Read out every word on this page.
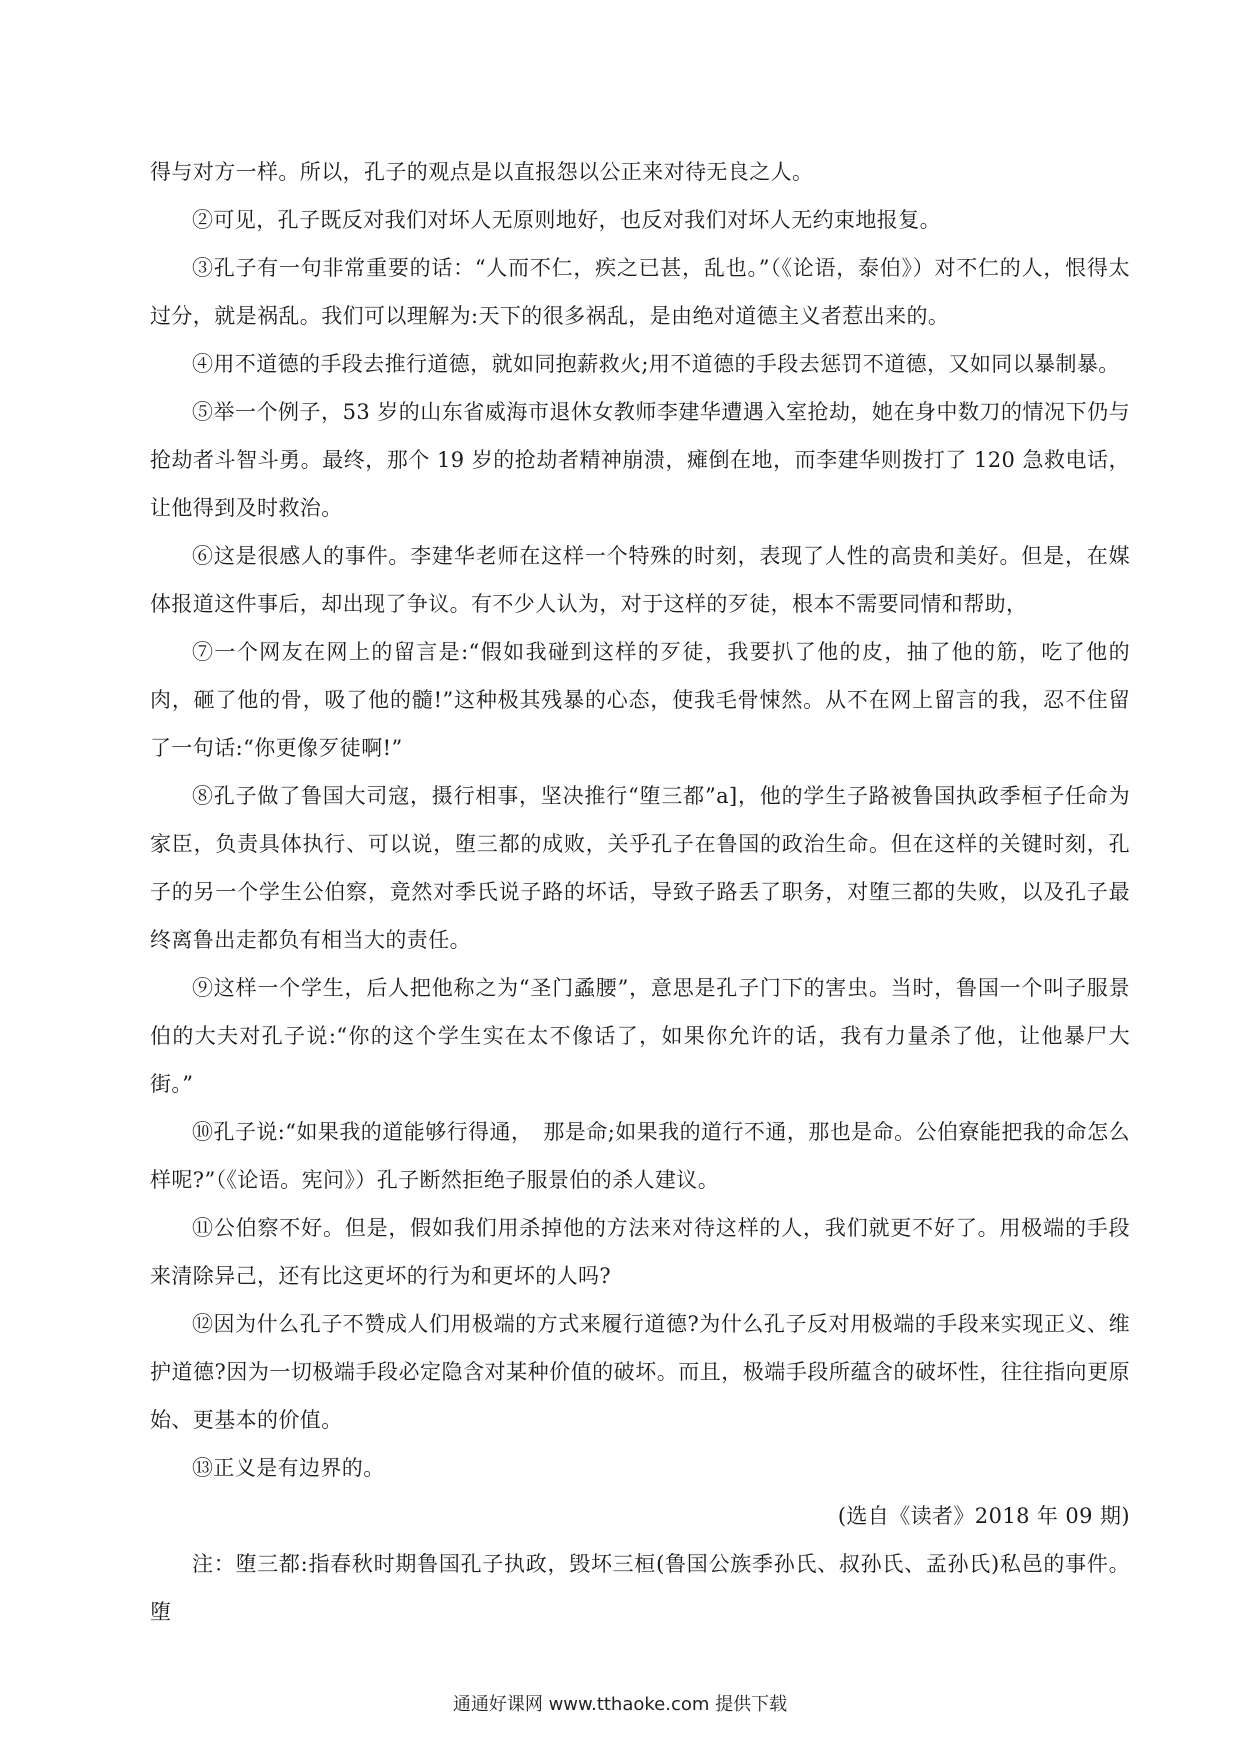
得与对方一样。所以，孔子的观点是以直报怨以公正来对待无良之人。

②可见，孔子既反对我们对坏人无原则地好，也反对我们对坏人无约束地报复。

③孔子有一句非常重要的话：“人而不仁，疾之已甚，乱也。”（《论语，泰伯》）对不仁的人，恨得太过分，就是祸乱。我们可以理解为:天下的很多祸乱，是由绝对道德主义者惹出来的。

④用不道德的手段去推行道德，就如同抱薪救火;用不道德的手段去惩罚不道德，又如同以暴制暴。

⑤举一个例子，53 岁的山东省威海市退休女教师李建华遭遇入室抢劫，她在身中数刀的情况下仍与抢劫者斗智斗勇。最终，那个 19 岁的抢劫者精神崩溃，瘫倒在地，而李建华则拨打了 120 急救电话，让他得到及时救治。

⑥这是很感人的事件。李建华老师在这样一个特殊的时刻，表现了人性的高贵和美好。但是，在媒体报道这件事后，却出现了争议。有不少人认为，对于这样的歹徒，根本不需要同情和帮助，

⑦一个网友在网上的留言是:“假如我碰到这样的歹徒，我要扒了他的皮，抽了他的筋，吃了他的肉，砸了他的骨，吸了他的髓!”这种极其残暴的心态，使我毛骨悚然。从不在网上留言的我，忍不住留了一句话:“你更像歹徒啊!”

⑧孔子做了鲁国大司寇，摄行相事，坚决推行“堕三都”a]，他的学生子路被鲁国执政季桓子任命为家臣，负责具体执行、可以说，堕三都的成败，关乎孔子在鲁国的政治生命。但在这样的关键时刻，孔子的另一个学生公伯察，竟然对季氏说子路的坏话，导致子路丢了职务，对堕三都的失败，以及孔子最终离鲁出走都负有相当大的责任。

⑨这样一个学生，后人把他称之为“圣门蟊腰”，意思是孔子门下的害虫。当时，鲁国一个叫子服景伯的大夫对孔子说:“你的这个学生实在太不像话了，如果你允许的话，我有力量杀了他，让他暴尸大街。”

⑩孔子说:“如果我的道能够行得通，　那是命;如果我的道行不通，那也是命。公伯寮能把我的命怎么样呢?”（《论语。宪问》）孔子断然拒绝子服景伯的杀人建议。

⑪公伯察不好。但是，假如我们用杀掉他的方法来对待这样的人，我们就更不好了。用极端的手段来清除异己，还有比这更坏的行为和更坏的人吗?

⑫因为什么孔子不赞成人们用极端的方式来履行道德?为什么孔子反对用极端的手段来实现正义、维护道德?因为一切极端手段必定隐含对某种价值的破坏。而且，极端手段所蕴含的破坏性，往往指向更原始、更基本的价值。

⑬正义是有边界的。

(选自《读者》2018 年 09 期)

注：堕三都:指春秋时期鲁国孔子执政，毁坏三桓(鲁国公族季孙氏、叔孙氏、孟孙氏)私邑的事件。堕

通通好课网 www.tthaoke.com 提供下载
